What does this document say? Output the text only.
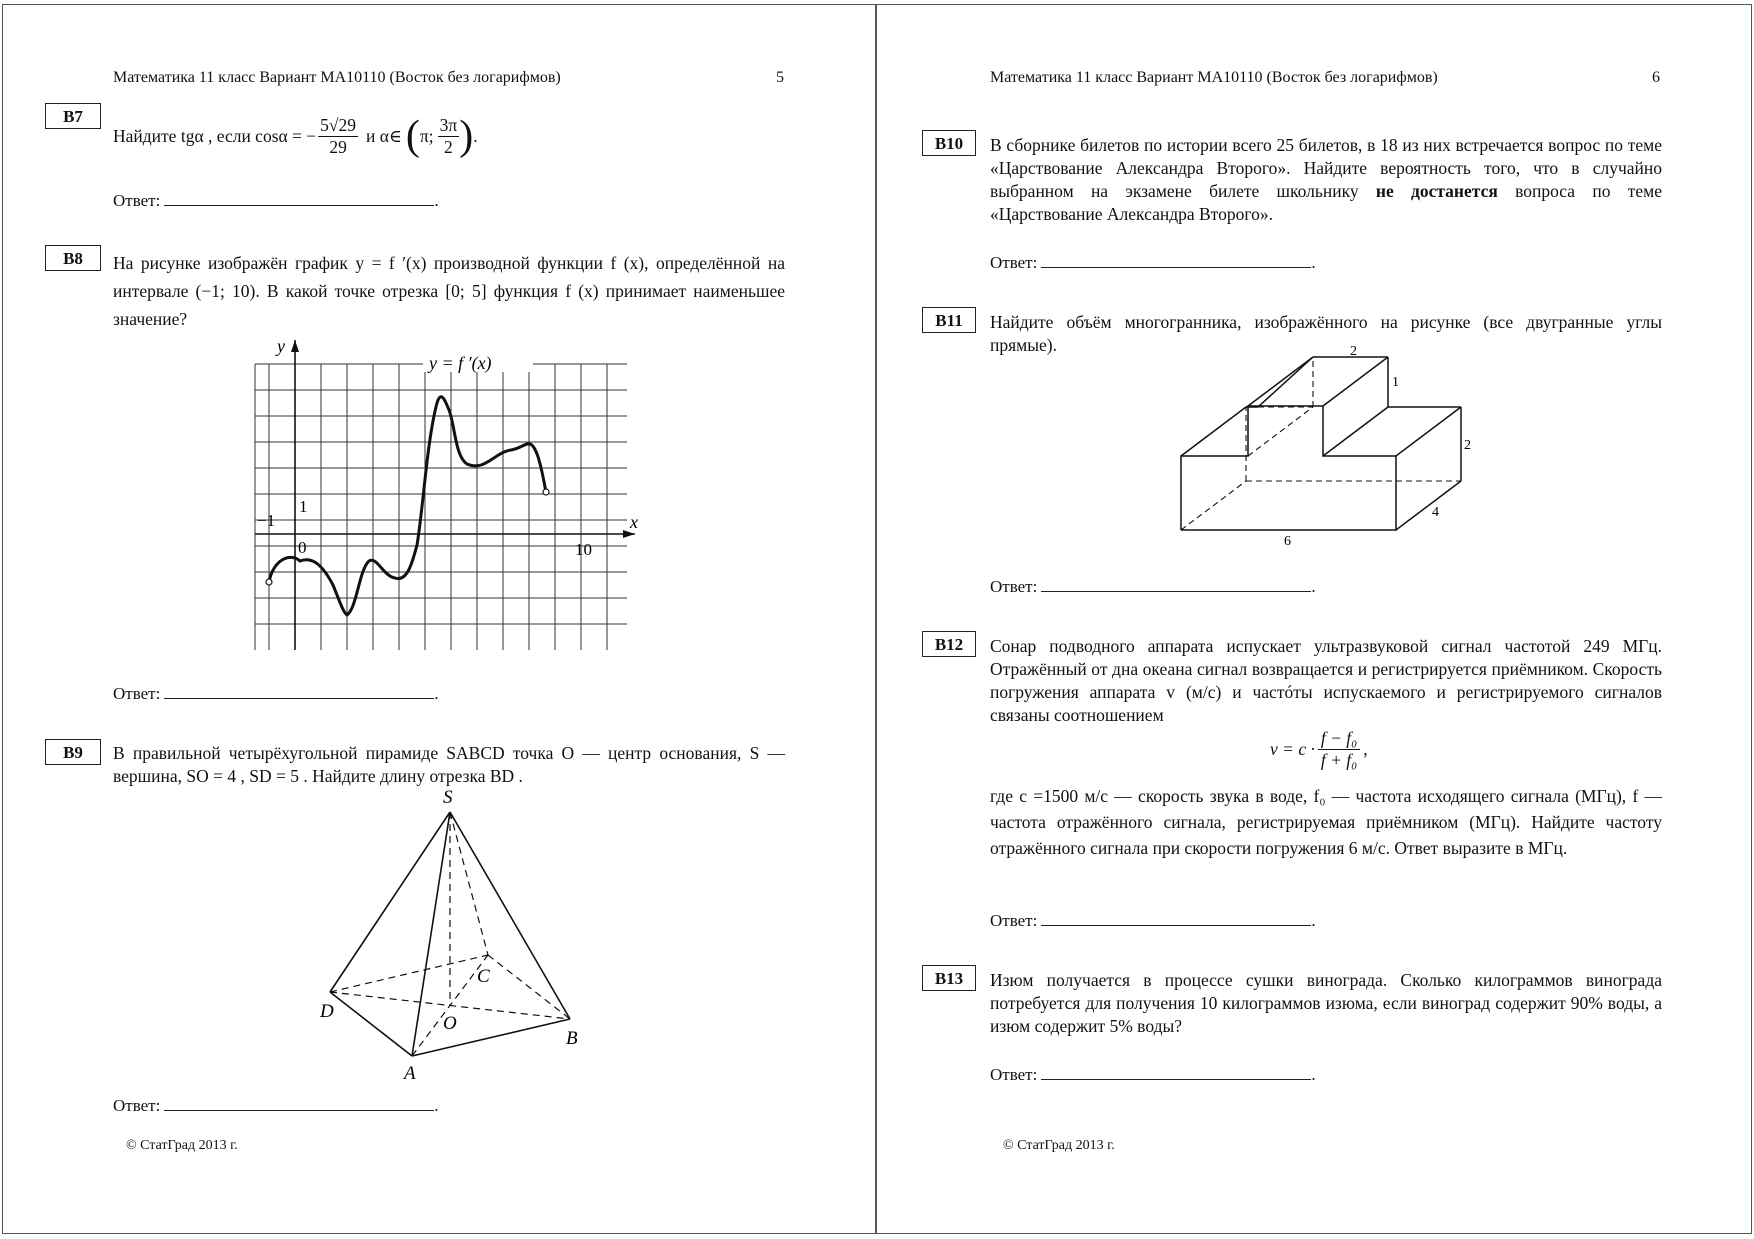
Математика 11 класс Вариант МА10110 (Восток без логарифмов)	5
B7
Найдите tgα , если cosα = − $\frac{5√29}{29}$ и α∈ ( π; $\frac{3\pi}{2}$ ) .
Ответ:	.
B8	На рисунке изображён график y = f ′(x) производной функции f (x), определённой на интервале (−1; 10). В какой точке отрезка [0; 5] функция f (x) принимает наименьшее значение?
y = f ′(x)
y
x
−1
1
0	10
Ответ:	.
B9	В правильной четырёхугольной пирамиде SABCD точка O — центр основания, S — вершина, SO = 4 , SD = 5 . Найдите длину отрезка BD .
S
A
B
C
D
O
Ответ:	.
© СтатГрад 2013 г.
Математика 11 класс Вариант МА10110 (Восток без логарифмов)	6
B10	В сборнике билетов по истории всего 25 билетов, в 18 из них встречается вопрос по теме «Царствование Александра Второго». Найдите вероятность того, что в случайно выбранном на экзамене билете школьнику не достанется вопроса по теме «Царствование Александра Второго».
Ответ:	.
B11	Найдите объём многогранника, изображённого на рисунке (все двугранные углы прямые).	2
1
2
4
6
Ответ:	.
B12	Сонар подводного аппарата испускает ультразвуковой сигнал частотой 249 МГц. Отражённый от дна океана сигнал возвращается и регистрируется приёмником. Скорость погружения аппарата v (м/с) и частóты испускаемого и регистрируемого сигналов связаны соотношением
$v = c \cdot \frac{\text{f − f₀}}{\text{f + f₀}}$ ,
где c =1500 м/с — скорость звука в воде, f₀ — частота исходящего сигнала (МГц), f — частота отражённого сигнала, регистрируемая приёмником (МГц). Найдите частоту отражённого сигнала при скорости погружения 6 м/с. Ответ выразите в МГц.
Ответ:	.
B13	Изюм получается в процессе сушки винограда. Сколько килограммов винограда потребуется для получения 10 килограммов изюма, если виноград содержит 90% воды, а изюм содержит 5% воды?
Ответ:	.
© СтатГрад 2013 г.
